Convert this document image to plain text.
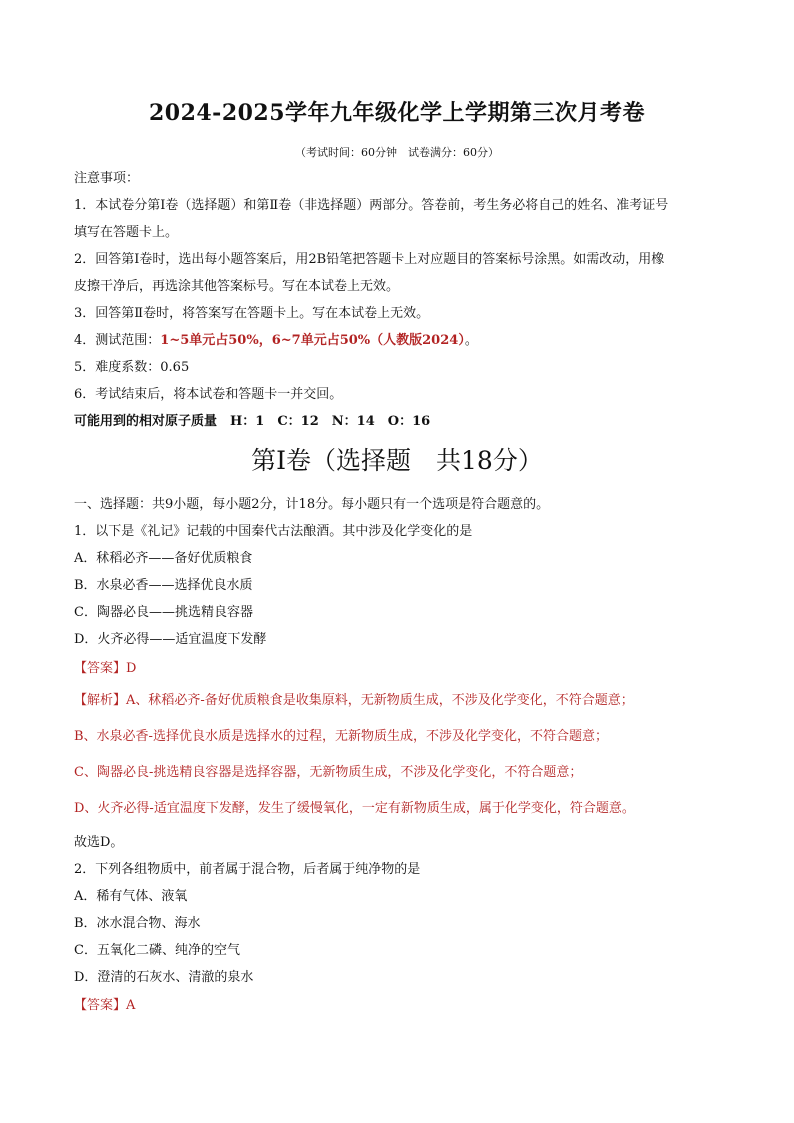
2024-2025学年九年级化学上学期第三次月考卷
（考试时间：60分钟　试卷满分：60分）
注意事项：
1．本试卷分第Ⅰ卷（选择题）和第Ⅱ卷（非选择题）两部分。答卷前，考生务必将自己的姓名、准考证号
填写在答题卡上。
2．回答第Ⅰ卷时，选出每小题答案后，用2B铅笔把答题卡上对应题目的答案标号涂黑。如需改动，用橡
皮擦干净后，再选涂其他答案标号。写在本试卷上无效。
3．回答第Ⅱ卷时，将答案写在答题卡上。写在本试卷上无效。
4．测试范围：1~5单元占50%，6~7单元占50%（人教版2024）。
5．难度系数：0.65
6．考试结束后，将本试卷和答题卡一并交回。
可能用到的相对原子质量　H：1　C：12　N：14　O：16
第Ⅰ卷（选择题　共18分）
一、选择题：共9小题，每小题2分，计18分。每小题只有一个选项是符合题意的。
1．以下是《礼记》记载的中国秦代古法酿酒。其中涉及化学变化的是
A．秫稻必齐——备好优质粮食
B．水泉必香——选择优良水质
C．陶器必良——挑选精良容器
D．火齐必得——适宜温度下发酵
【答案】D
【解析】A、秫稻必齐-备好优质粮食是收集原料，无新物质生成，不涉及化学变化，不符合题意；
B、水泉必香-选择优良水质是选择水的过程，无新物质生成，不涉及化学变化，不符合题意；
C、陶器必良-挑选精良容器是选择容器，无新物质生成，不涉及化学变化，不符合题意；
D、火齐必得-适宜温度下发酵，发生了缓慢氧化，一定有新物质生成，属于化学变化，符合题意。
故选D。
2．下列各组物质中，前者属于混合物，后者属于纯净物的是
A．稀有气体、液氧
B．冰水混合物、海水
C．五氧化二磷、纯净的空气
D．澄清的石灰水、清澈的泉水
【答案】A
